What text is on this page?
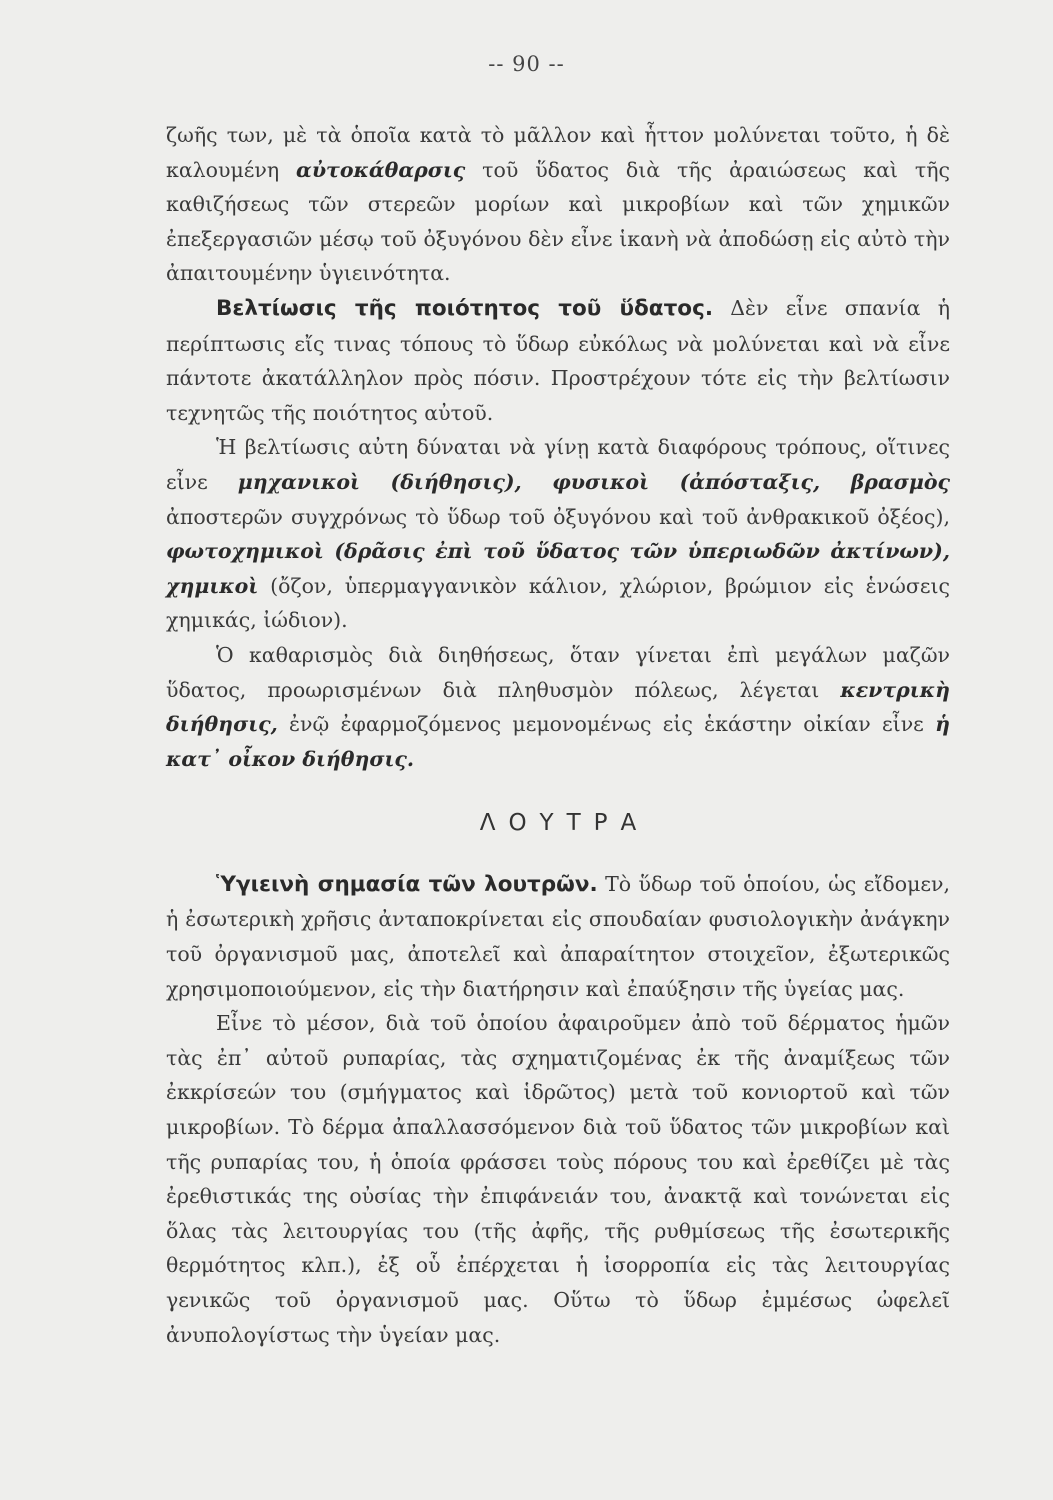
-- 90 --

ζωῆς των, μὲ τὰ ὁποῖα κατὰ τὸ μᾶλλον καὶ ἧττον μολύνεται τοῦτο, ἡ δὲ καλουμένη αὐτοκάθαρσις τοῦ ὕδατος διὰ τῆς ἀραιώσεως καὶ τῆς καθιζήσεως τῶν στερεῶν μορίων καὶ μικροβίων καὶ τῶν χημικῶν ἐπεξεργασιῶν μέσῳ τοῦ ὀξυγόνου δὲν εἶνε ἱκανὴ νὰ ἀποδώσῃ εἰς αὐτὸ τὴν ἀπαιτουμένην ὑγιεινότητα.

Βελτίωσις τῆς ποιότητος τοῦ ὕδατος. Δὲν εἶνε σπανία ἡ περίπτωσις εἴς τινας τόπους τὸ ὕδωρ εὐκόλως νὰ μολύνεται καὶ νὰ εἶνε πάντοτε ἀκατάλληλον πρὸς πόσιν. Προστρέχουν τότε εἰς τὴν βελτίωσιν τεχνητῶς τῆς ποιότητος αὐτοῦ.

Ἡ βελτίωσις αὐτη δύναται νὰ γίνῃ κατὰ διαφόρους τρόπους, οἵτινες εἶνε μηχανικοὶ (διήθησις), φυσικοὶ (ἀπόσταξις, βρασμὸς ἀποστερῶν συγχρόνως τὸ ὕδωρ τοῦ ὀξυγόνου καὶ τοῦ ἀνθρακικοῦ ὀξέος), φωτοχημικοὶ (δρᾶσις ἐπὶ τοῦ ὕδατος τῶν ὑπεριωδῶν ἀκτίνων), χημικοὶ (ὄζον, ὑπερμαγγανικὸν κάλιον, χλώριον, βρώμιον εἰς ἑνώσεις χημικάς, ἰώδιον).

Ὁ καθαρισμὸς διὰ διηθήσεως, ὅταν γίνεται ἐπὶ μεγάλων μαζῶν ὕδατος, προωρισμένων διὰ πληθυσμὸν πόλεως, λέγεται κεντρικὴ διήθησις, ἐνῷ ἐφαρμοζόμενος μεμονομένως εἰς ἑκάστην οἰκίαν εἶνε ἡ κατ᾽ οἶκον διήθησις.

ΛΟΥΤΡΑ

Ὑγιεινὴ σημασία τῶν λουτρῶν. Τὸ ὕδωρ τοῦ ὁποίου, ὡς εἴδομεν, ἡ ἐσωτερικὴ χρῆσις ἀνταποκρίνεται εἰς σπουδαίαν φυσιολογικὴν ἀνάγκην τοῦ ὀργανισμοῦ μας, ἀποτελεῖ καὶ ἀπαραίτητον στοιχεῖον, ἐξωτερικῶς χρησιμοποιούμενον, εἰς τὴν διατήρησιν καὶ ἐπαύξησιν τῆς ὑγείας μας.

Εἶνε τὸ μέσον, διὰ τοῦ ὁποίου ἀφαιροῦμεν ἀπὸ τοῦ δέρματος ἡμῶν τὰς ἐπ᾽ αὐτοῦ ρυπαρίας, τὰς σχηματιζομένας ἐκ τῆς ἀναμίξεως τῶν ἐκκρίσεών του (σμήγματος καὶ ἱδρῶτος) μετὰ τοῦ κονιορτοῦ καὶ τῶν μικροβίων. Τὸ δέρμα ἀπαλλασσόμενον διὰ τοῦ ὕδατος τῶν μικροβίων καὶ τῆς ρυπαρίας του, ἡ ὁποία φράσσει τοὺς πόρους του καὶ ἐρεθίζει μὲ τὰς ἐρεθιστικάς της οὐσίας τὴν ἐπιφάνειάν του, ἀνακτᾷ καὶ τονώνεται εἰς ὅλας τὰς λειτουργίας του (τῆς ἀφῆς, τῆς ρυθμίσεως τῆς ἐσωτερικῆς θερμότητος κλπ.), ἐξ οὗ ἐπέρχεται ἡ ἰσορροπία εἰς τὰς λειτουργίας γενικῶς τοῦ ὀργανισμοῦ μας. Οὕτω τὸ ὕδωρ ἐμμέσως ὠφελεῖ ἀνυπολογίστως τὴν ὑγείαν μας.
